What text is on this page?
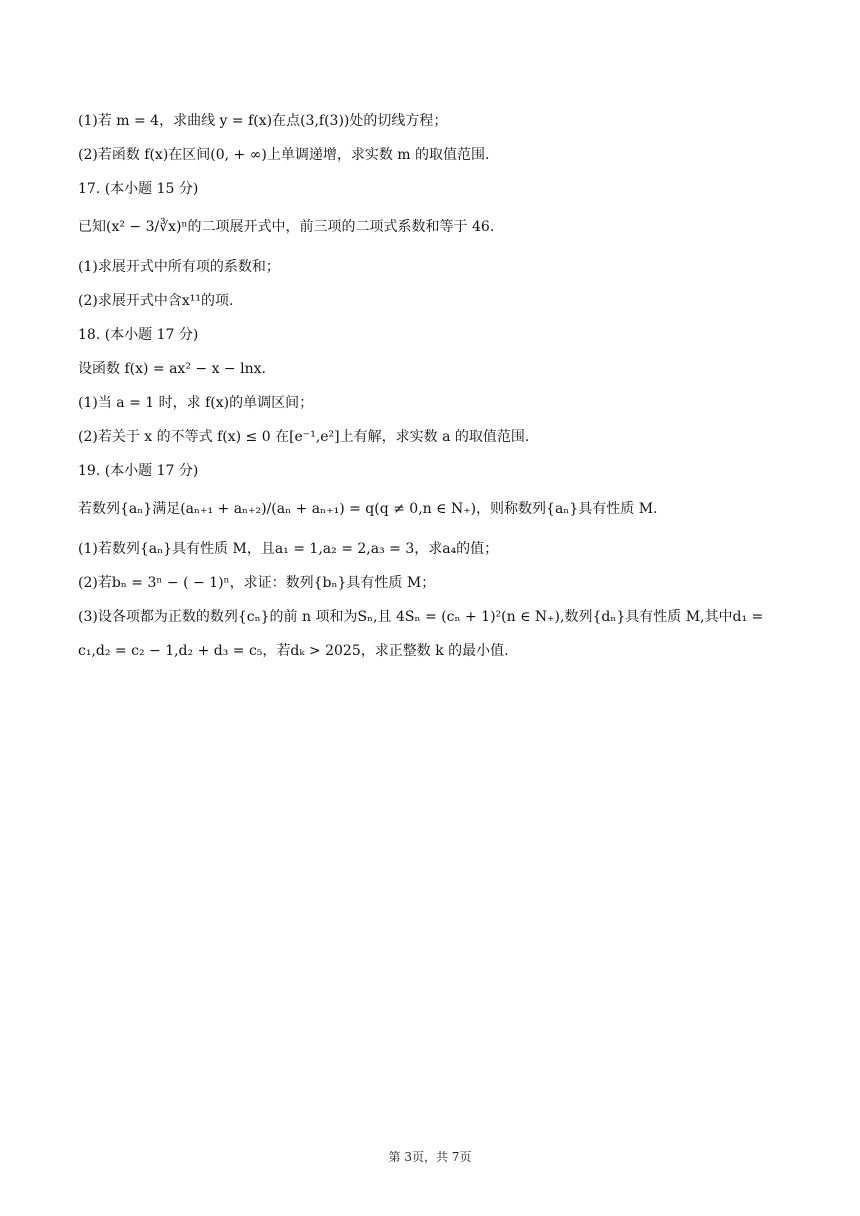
(1)若 m = 4，求曲线 y = f(x)在点(3,f(3))处的切线方程；
(2)若函数 f(x)在区间(0, + ∞)上单调递增，求实数 m 的取值范围.
17. (本小题 15 分)
已知(x² − 3/∛x)ⁿ的二项展开式中，前三项的二项式系数和等于 46.
(1)求展开式中所有项的系数和；
(2)求展开式中含x¹¹的项.
18. (本小题 17 分)
设函数 f(x) = ax² − x − lnx.
(1)当 a = 1 时，求 f(x)的单调区间；
(2)若关于 x 的不等式 f(x) ≤ 0 在[e⁻¹,e²]上有解，求实数 a 的取值范围.
19. (本小题 17 分)
若数列{aₙ}满足(aₙ₊₁ + aₙ₊₂)/(aₙ + aₙ₊₁) = q(q ≠ 0,n ∈ N₊)，则称数列{aₙ}具有性质 M.
(1)若数列{aₙ}具有性质 M，且a₁ = 1,a₂ = 2,a₃ = 3，求a₄的值；
(2)若bₙ = 3ⁿ − ( − 1)ⁿ，求证：数列{bₙ}具有性质 M；
(3)设各项都为正数的数列{cₙ}的前 n 项和为Sₙ,且 4Sₙ = (cₙ + 1)²(n ∈ N₊),数列{dₙ}具有性质 M,其中d₁ =
c₁,d₂ = c₂ − 1,d₂ + d₃ = c₅，若dₖ > 2025，求正整数 k 的最小值.
第 3页，共 7页
